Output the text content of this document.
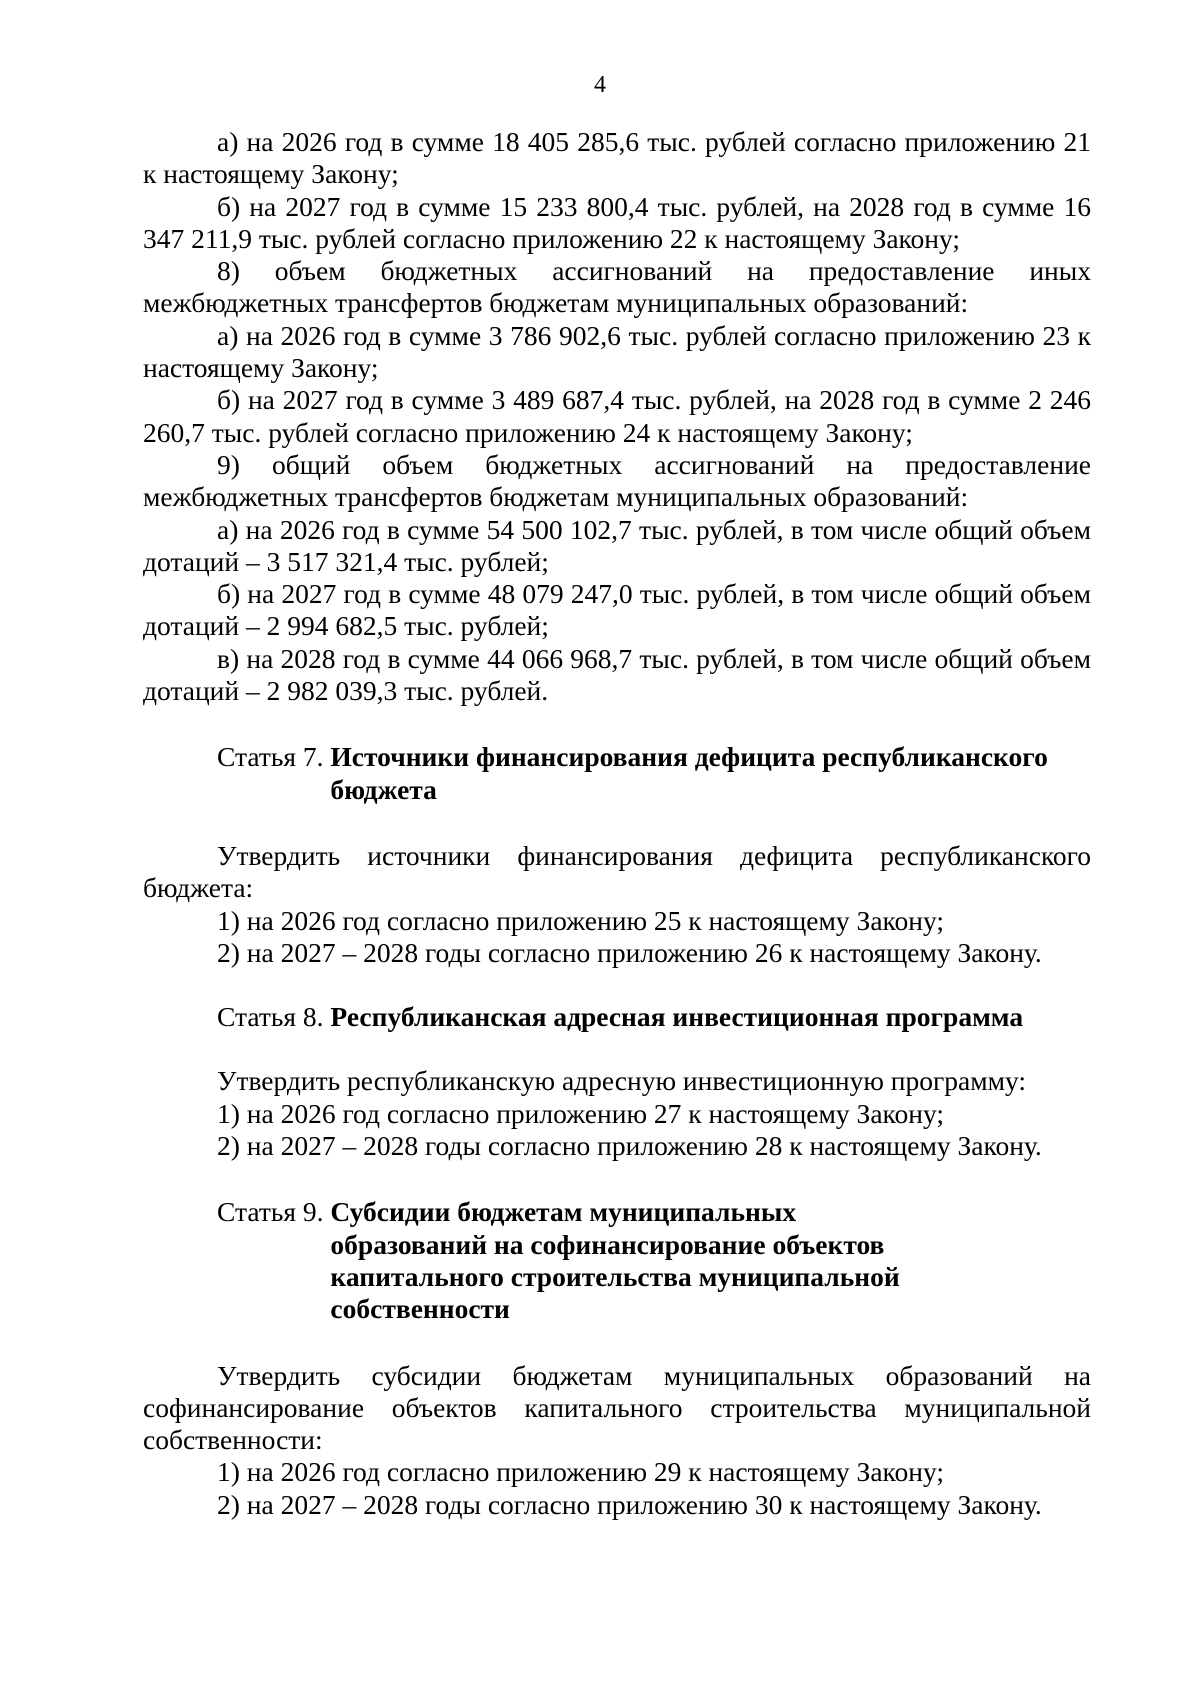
4

а) на 2026 год в сумме 18 405 285,6 тыс. рублей согласно приложению 21 к настоящему Закону;

б) на 2027 год в сумме 15 233 800,4 тыс. рублей, на 2028 год в сумме 16 347 211,9 тыс. рублей согласно приложению 22 к настоящему Закону;

8) объем бюджетных ассигнований на предоставление иных межбюджетных трансфертов бюджетам муниципальных образований:

а) на 2026 год в сумме 3 786 902,6 тыс. рублей согласно приложению 23 к настоящему Закону;

б) на 2027 год в сумме 3 489 687,4 тыс. рублей, на 2028 год в сумме 2 246 260,7 тыс. рублей согласно приложению 24 к настоящему Закону;

9) общий объем бюджетных ассигнований на предоставление межбюджетных трансфертов бюджетам муниципальных образований:

а) на 2026 год в сумме 54 500 102,7 тыс. рублей, в том числе общий объем дотаций – 3 517 321,4 тыс. рублей;

б) на 2027 год в сумме 48 079 247,0 тыс. рублей, в том числе общий объем дотаций – 2 994 682,5 тыс. рублей;

в) на 2028 год в сумме 44 066 968,7 тыс. рублей, в том числе общий объем дотаций – 2 982 039,3 тыс. рублей.

Статья 7. Источники финансирования дефицита республиканского бюджета

Утвердить источники финансирования дефицита республиканского бюджета:

1) на 2026 год согласно приложению 25 к настоящему Закону;

2) на 2027 – 2028 годы согласно приложению 26 к настоящему Закону.

Статья 8. Республиканская адресная инвестиционная программа

Утвердить республиканскую адресную инвестиционную программу:

1) на 2026 год согласно приложению 27 к настоящему Закону;

2) на 2027 – 2028 годы согласно приложению 28 к настоящему Закону.

Статья 9. Субсидии бюджетам муниципальных образований на софинансирование объектов капитального строительства муниципальной собственности

Утвердить субсидии бюджетам муниципальных образований на софинансирование объектов капитального строительства муниципальной собственности:

1) на 2026 год согласно приложению 29 к настоящему Закону;

2) на 2027 – 2028 годы согласно приложению 30 к настоящему Закону.
